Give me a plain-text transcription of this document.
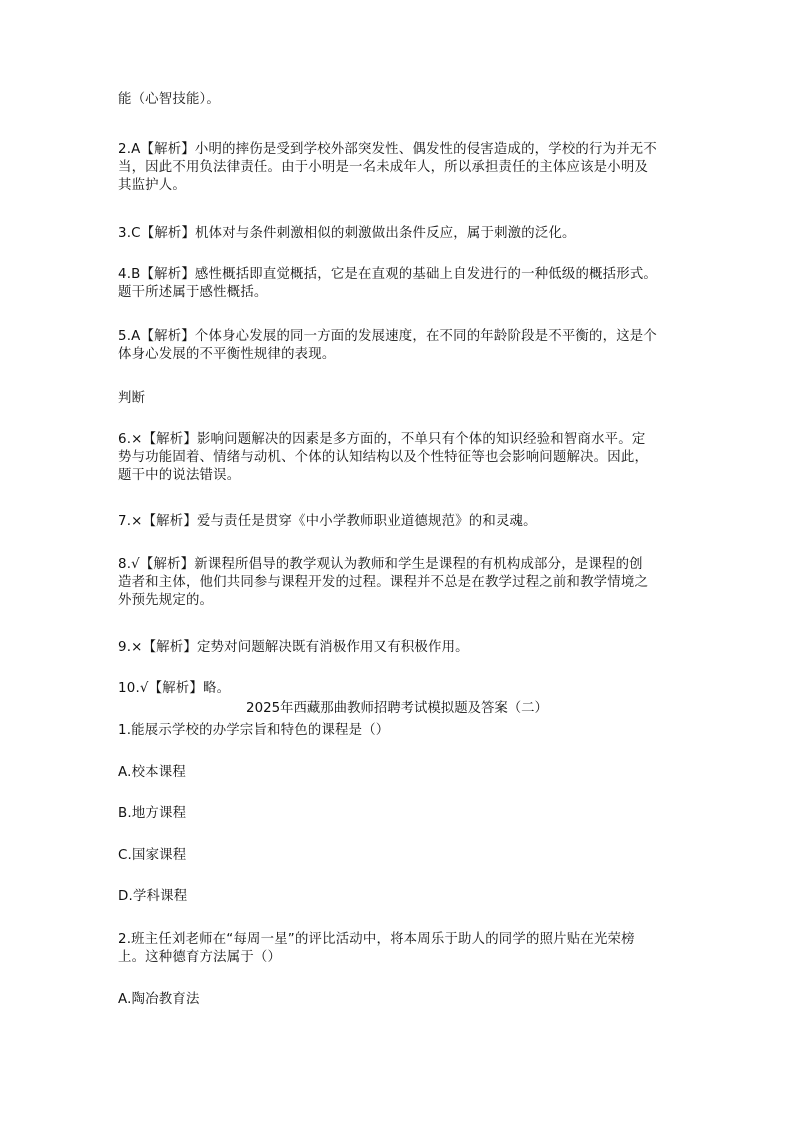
能（心智技能）。
2.A【解析】小明的摔伤是受到学校外部突发性、偶发性的侵害造成的，学校的行为并无不
当，因此不用负法律责任。由于小明是一名未成年人，所以承担责任的主体应该是小明及
其监护人。
3.C【解析】机体对与条件刺激相似的刺激做出条件反应，属于刺激的泛化。
4.B【解析】感性概括即直觉概括，它是在直观的基础上自发进行的一种低级的概括形式。
题干所述属于感性概括。
5.A【解析】个体身心发展的同一方面的发展速度，在不同的年龄阶段是不平衡的，这是个
体身心发展的不平衡性规律的表现。
判断
6.×【解析】影响问题解决的因素是多方面的，不单只有个体的知识经验和智商水平。定
势与功能固着、情绪与动机、个体的认知结构以及个性特征等也会影响问题解决。因此，
题干中的说法错误。
7.×【解析】爱与责任是贯穿《中小学教师职业道德规范》的和灵魂。
8.√【解析】新课程所倡导的教学观认为教师和学生是课程的有机构成部分，是课程的创
造者和主体，他们共同参与课程开发的过程。课程并不总是在教学过程之前和教学情境之
外预先规定的。
9.×【解析】定势对问题解决既有消极作用又有积极作用。
10.√【解析】略。
1.能展示学校的办学宗旨和特色的课程是（）
A.校本课程
B.地方课程
C.国家课程
D.学科课程
2.班主任刘老师在“每周一星”的评比活动中，将本周乐于助人的同学的照片贴在光荣榜
上。这种德育方法属于（）
A.陶冶教育法
2025年西藏那曲教师招聘考试模拟题及答案（二）
